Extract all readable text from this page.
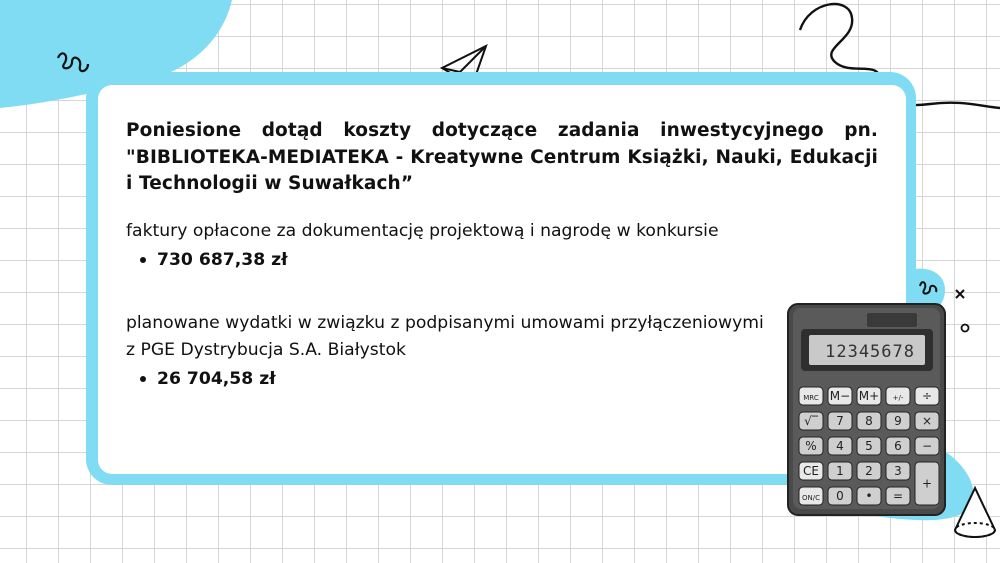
Poniesione dotąd koszty dotyczące zadania inwestycyjnego pn. "BIBLIOTEKA-MEDIATEKA - Kreatywne Centrum Książki, Nauki, Edukacji i Technologii w Suwałkach”

faktury opłacone za dokumentację projektową i nagrodę w konkursie

730 687,38 zł

planowane wydatki w związku z podpisanymi umowami przyłączeniowymi

z PGE Dystrybucja S.A. Białystok

26 704,58 zł
12345678
MRC M− M+ +/- ÷
√‾ 7 8 9 ×
% 4 5 6 −
CE 1 2 3
+
ON/C 0 • =
